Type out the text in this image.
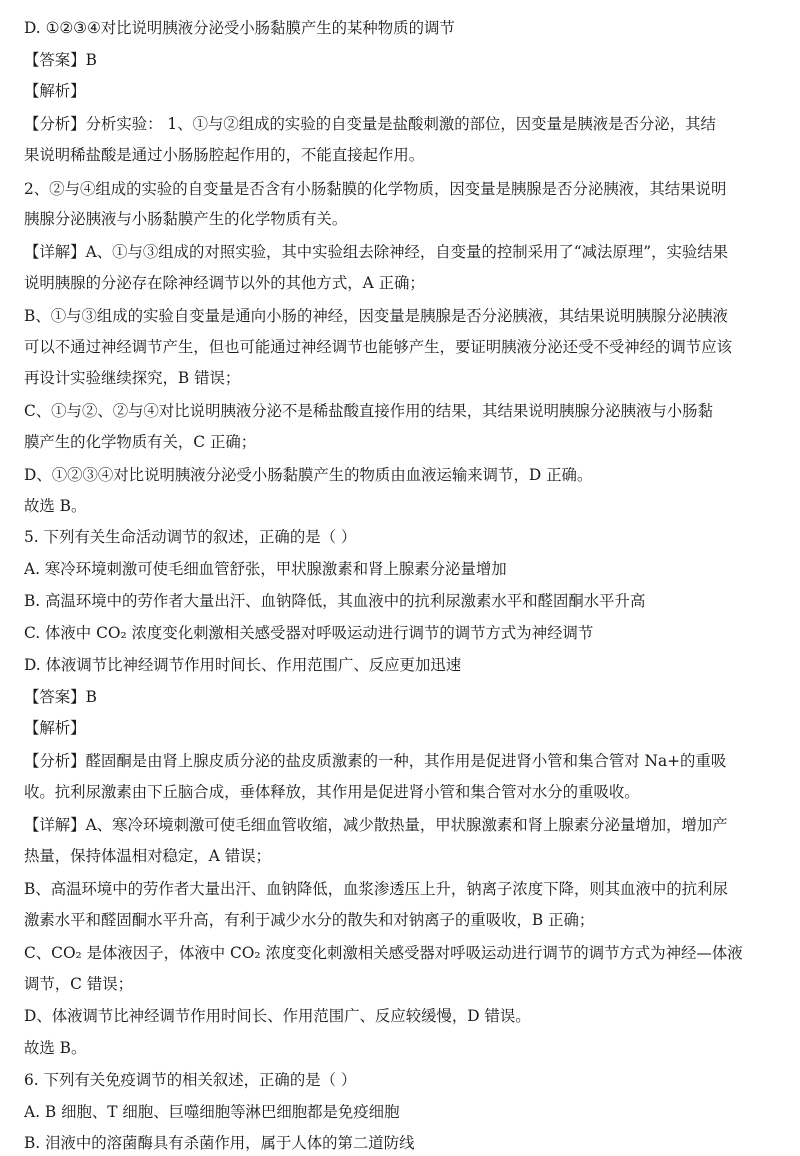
D. ①②③④对比说明胰液分泌受小肠黏膜产生的某种物质的调节
【答案】B
【解析】
【分析】分析实验： 1、①与②组成的实验的自变量是盐酸刺激的部位，因变量是胰液是否分泌，其结
果说明稀盐酸是通过小肠肠腔起作用的，不能直接起作用。
2、②与④组成的实验的自变量是否含有小肠黏膜的化学物质，因变量是胰腺是否分泌胰液，其结果说明
胰腺分泌胰液与小肠黏膜产生的化学物质有关。
【详解】A、①与③组成的对照实验，其中实验组去除神经，自变量的控制采用了“减法原理”，实验结果
说明胰腺的分泌存在除神经调节以外的其他方式，A 正确；
B、①与③组成的实验自变量是通向小肠的神经，因变量是胰腺是否分泌胰液，其结果说明胰腺分泌胰液
可以不通过神经调节产生，但也可能通过神经调节也能够产生，要证明胰液分泌还受不受神经的调节应该
再设计实验继续探究，B 错误；
C、①与②、②与④对比说明胰液分泌不是稀盐酸直接作用的结果，其结果说明胰腺分泌胰液与小肠黏
膜产生的化学物质有关，C 正确；
D、①②③④对比说明胰液分泌受小肠黏膜产生的物质由血液运输来调节，D 正确。
故选 B。
5. 下列有关生命活动调节的叙述，正确的是（ ）
A. 寒冷环境刺激可使毛细血管舒张，甲状腺激素和肾上腺素分泌量增加
B. 高温环境中的劳作者大量出汗、血钠降低，其血液中的抗利尿激素水平和醛固酮水平升高
C. 体液中 CO₂ 浓度变化刺激相关感受器对呼吸运动进行调节的调节方式为神经调节
D. 体液调节比神经调节作用时间长、作用范围广、反应更加迅速
【答案】B
【解析】
【分析】醛固酮是由肾上腺皮质分泌的盐皮质激素的一种，其作用是促进肾小管和集合管对 Na+的重吸
收。抗利尿激素由下丘脑合成，垂体释放，其作用是促进肾小管和集合管对水分的重吸收。
【详解】A、寒冷环境刺激可使毛细血管收缩，减少散热量，甲状腺激素和肾上腺素分泌量增加，增加产
热量，保持体温相对稳定，A 错误；
B、高温环境中的劳作者大量出汗、血钠降低，血浆渗透压上升，钠离子浓度下降，则其血液中的抗利尿
激素水平和醛固酮水平升高，有利于减少水分的散失和对钠离子的重吸收，B 正确；
C、CO₂ 是体液因子，体液中 CO₂ 浓度变化刺激相关感受器对呼吸运动进行调节的调节方式为神经—体液
调节，C 错误；
D、体液调节比神经调节作用时间长、作用范围广、反应较缓慢，D 错误。
故选 B。
6. 下列有关免疫调节的相关叙述，正确的是（ ）
A. B 细胞、T 细胞、巨噬细胞等淋巴细胞都是免疫细胞
B. 泪液中的溶菌酶具有杀菌作用，属于人体的第二道防线
